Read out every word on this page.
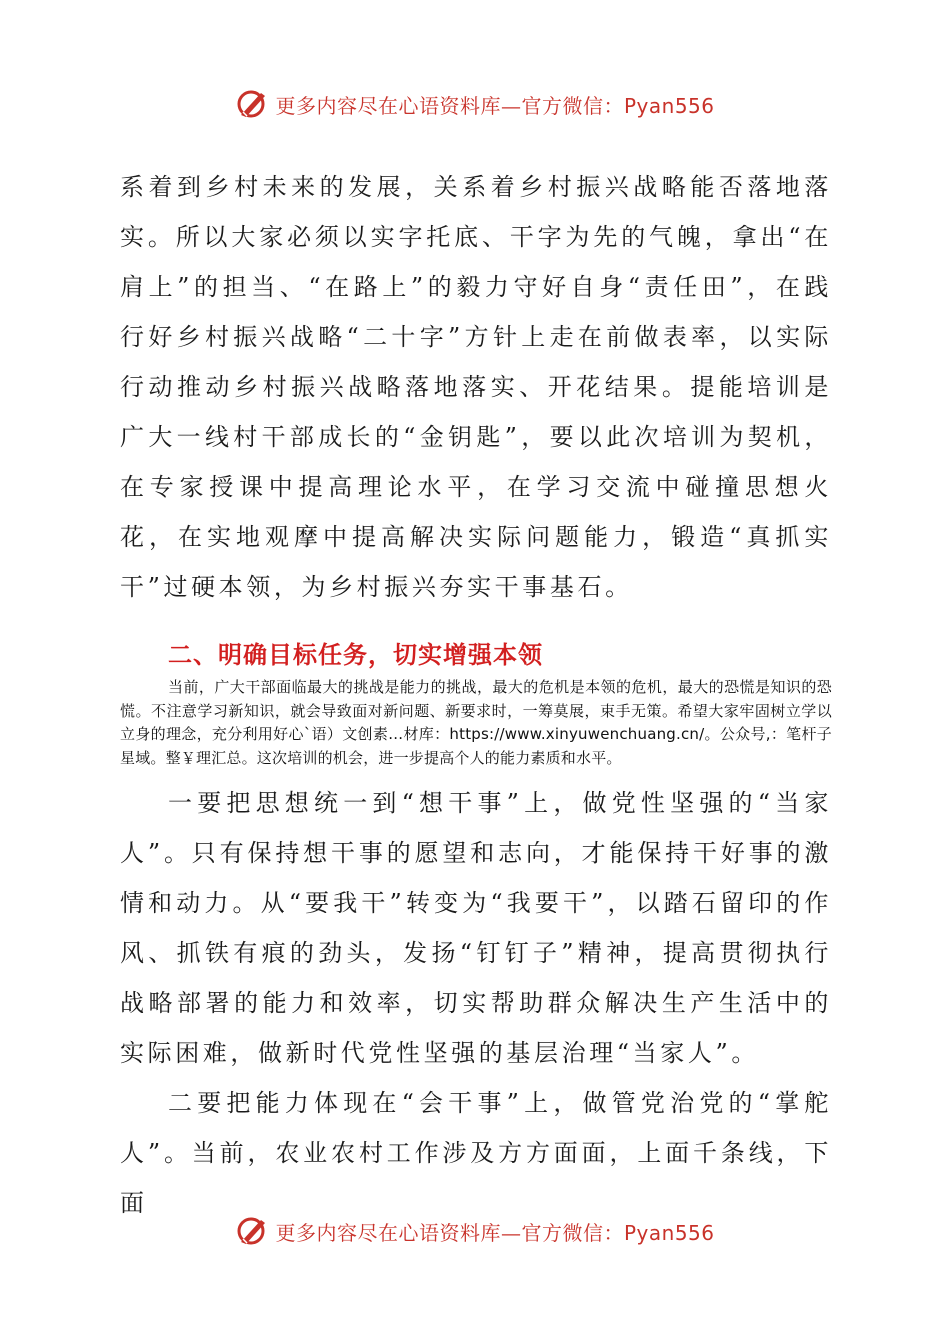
更多内容尽在心语资料库—官方微信：Pyan556

系着到乡村未来的发展，关系着乡村振兴战略能否落地落实。所以大家必须以实字托底、干字为先的气魄，拿出“在肩上”的担当、“在路上”的毅力守好自身“责任田”，在践行好乡村振兴战略“二十字”方针上走在前做表率，以实际行动推动乡村振兴战略落地落实、开花结果。提能培训是广大一线村干部成长的“金钥匙”，要以此次培训为契机，在专家授课中提高理论水平，在学习交流中碰撞思想火花，在实地观摩中提高解决实际问题能力，锻造“真抓实干”过硬本领，为乡村振兴夯实干事基石。

二、明确目标任务，切实增强本领

当前，广大干部面临最大的挑战是能力的挑战，最大的危机是本领的危机，最大的恐慌是知识的恐慌。不注意学习新知识，就会导致面对新问题、新要求时，一筹莫展，束手无策。希望大家牢固树立学以立身的理念，充分利用好心`语）文创素…材库：https://www.xinyuwenchuang.cn/。公众号,：笔杆子星域。整￥理汇总。这次培训的机会，进一步提高个人的能力素质和水平。

一要把思想统一到“想干事”上，做党性坚强的“当家人”。只有保持想干事的愿望和志向，才能保持干好事的激情和动力。从“要我干”转变为“我要干”，以踏石留印的作风、抓铁有痕的劲头，发扬“钉钉子”精神，提高贯彻执行战略部署的能力和效率，切实帮助群众解决生产生活中的实际困难，做新时代党性坚强的基层治理“当家人”。

二要把能力体现在“会干事”上，做管党治党的“掌舵人”。当前，农业农村工作涉及方方面面，上面千条线，下面

更多内容尽在心语资料库—官方微信：Pyan556
